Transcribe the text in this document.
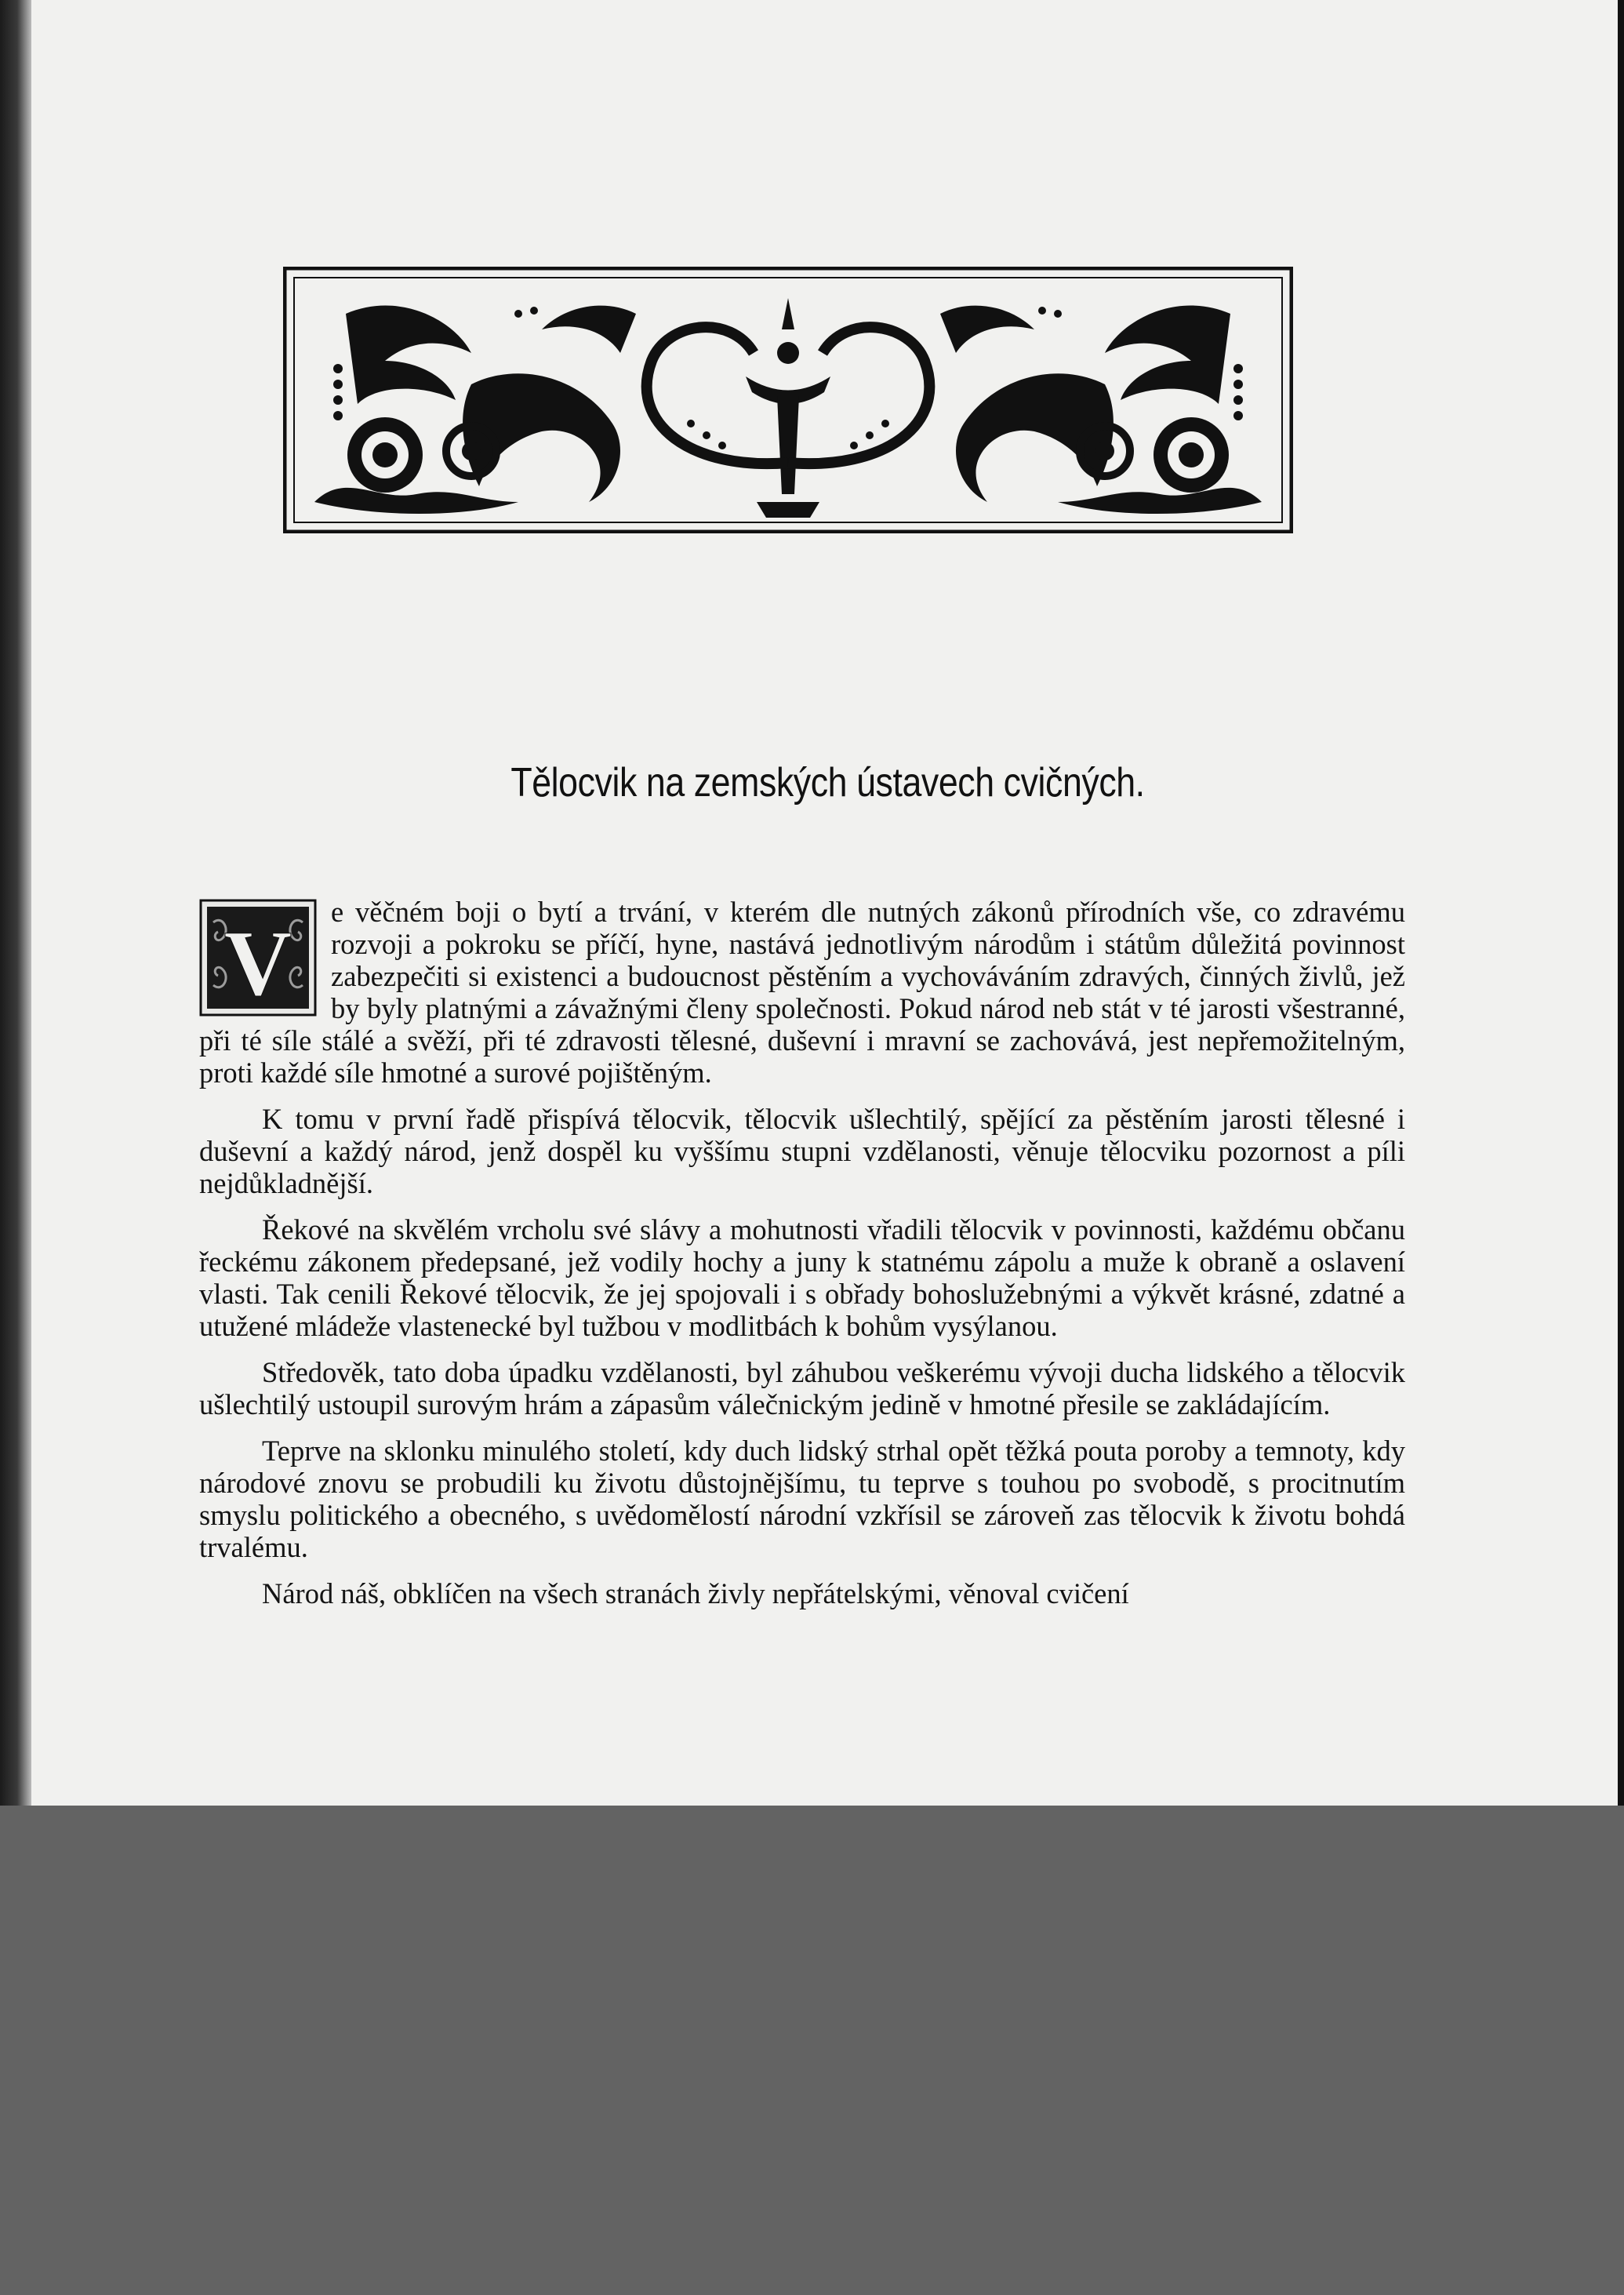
Tělocvik na zemských ústavech cvičných.

V e věčném boji o bytí a trvání, v kterém dle nutných zákonů přírodních vše, co zdravému rozvoji a pokroku se příčí, hyne, nastává jednotlivým národům i státům důležitá povinnost zabezpečiti si existenci a budoucnost pěstěním a vychováváním zdravých, činných živlů, jež by byly platnými a závažnými členy společnosti. Pokud národ neb stát v té jarosti všestranné, při té síle stálé a svěží, při té zdravosti tělesné, duševní i mravní se zachovává, jest nepřemožitelným, proti každé síle hmotné a surové pojištěným.

K tomu v první řadě přispívá tělocvik, tělocvik ušlechtilý, spějící za pěstěním jarosti tělesné i duševní a každý národ, jenž dospěl ku vyššímu stupni vzdělanosti, věnuje tělocviku pozornost a píli nejdůkladnější.

Řekové na skvělém vrcholu své slávy a mohutnosti vřadili tělocvik v povinnosti, každému občanu řeckému zákonem předepsané, jež vodily hochy a juny k statnému zápolu a muže k obraně a oslavení vlasti. Tak cenili Řekové tělocvik, že jej spojovali i s obřady bohoslužebnými a výkvět krásné, zdatné a utužené mládeže vlastenecké byl tužbou v modlitbách k bohům vysýlanou.

Středověk, tato doba úpadku vzdělanosti, byl záhubou veškerému vývoji ducha lidského a tělocvik ušlechtilý ustoupil surovým hrám a zápasům válečnickým jedině v hmotné přesile se zakládajícím.

Teprve na sklonku minulého století, kdy duch lidský strhal opět těžká pouta poroby a temnoty, kdy národové znovu se probudili ku životu důstojnějšímu, tu teprve s touhou po svobodě, s procitnutím smyslu politického a obecného, s uvědomělostí národní vzkřísil se zároveň zas tělocvik k životu bohdá trvalému.

Národ náš, obklíčen na všech stranách živly nepřátelskými, věnoval cvičení
